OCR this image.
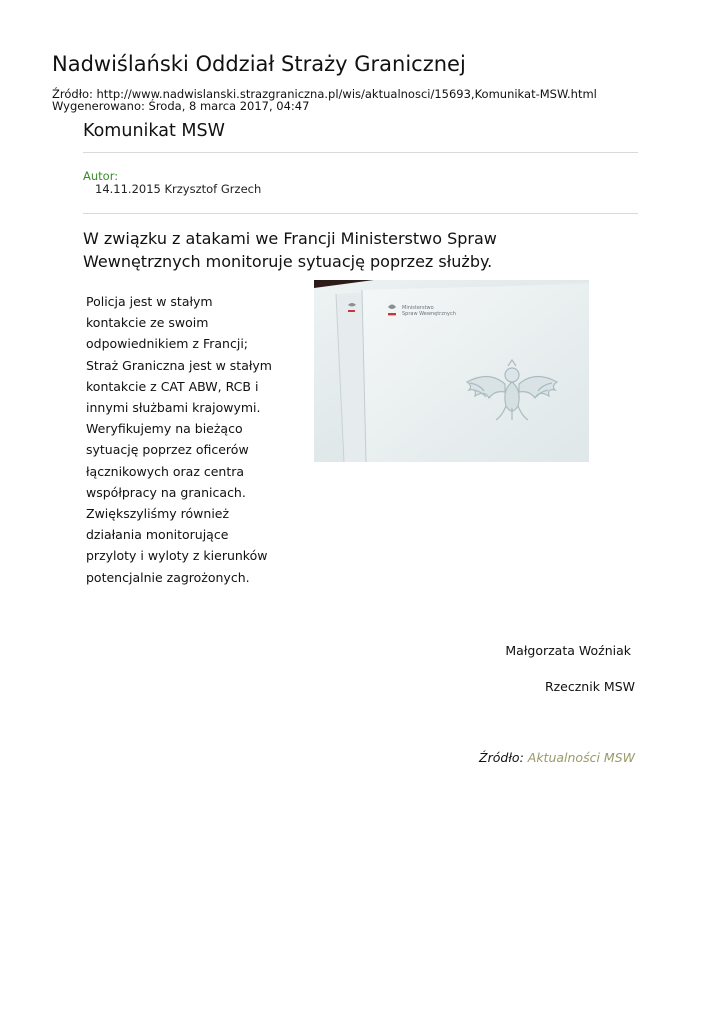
Nadwiślański Oddział Straży Granicznej
Źródło: http://www.nadwislanski.strazgraniczna.pl/wis/aktualnosci/15693,Komunikat-MSW.html
Wygenerowano: Środa, 8 marca 2017, 04:47
Komunikat MSW
Autor:
14.11.2015 Krzysztof Grzech

W związku z atakami we Francji Ministerstwo Spraw Wewnętrznych monitoruje sytuację poprzez służby.

Policja jest w stałym
kontakcie ze swoim
odpowiednikiem z Francji;
Straż Graniczna jest w stałym
kontakcie z CAT ABW, RCB i
innymi służbami krajowymi.
Weryfikujemy na bieżąco
sytuację poprzez oficerów
łącznikowych oraz centra
współpracy na granicach.
Zwiększyliśmy również
działania monitorujące
przyloty i wyloty z kierunków
potencjalnie zagrożonych.
Ministerstwo
Spraw Wewnętrznych
Małgorzata Woźniak
Rzecznik MSW
Źródło: Aktualności MSW
